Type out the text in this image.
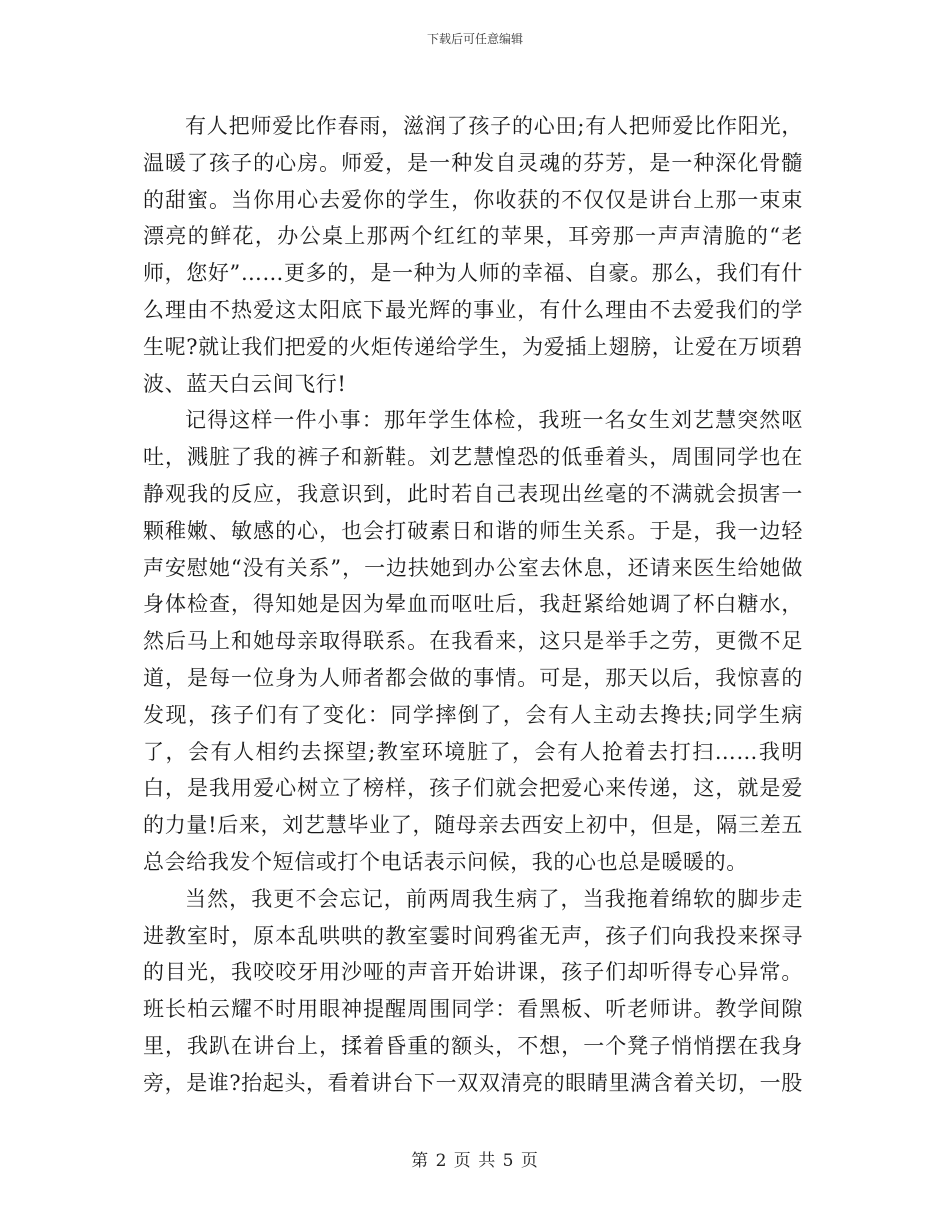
下载后可任意编辑

有人把师爱比作春雨，滋润了孩子的心田;有人把师爱比作阳光，温暖了孩子的心房。师爱，是一种发自灵魂的芬芳，是一种深化骨髓的甜蜜。当你用心去爱你的学生，你收获的不仅仅是讲台上那一束束漂亮的鲜花，办公桌上那两个红红的苹果，耳旁那一声声清脆的“老师，您好”……更多的，是一种为人师的幸福、自豪。那么，我们有什么理由不热爱这太阳底下最光辉的事业，有什么理由不去爱我们的学生呢?就让我们把爱的火炬传递给学生，为爱插上翅膀，让爱在万顷碧波、蓝天白云间飞行!

记得这样一件小事：那年学生体检，我班一名女生刘艺慧突然呕吐，溅脏了我的裤子和新鞋。刘艺慧惶恐的低垂着头，周围同学也在静观我的反应，我意识到，此时若自己表现出丝毫的不满就会损害一颗稚嫩、敏感的心，也会打破素日和谐的师生关系。于是，我一边轻声安慰她“没有关系”，一边扶她到办公室去休息，还请来医生给她做身体检查，得知她是因为晕血而呕吐后，我赶紧给她调了杯白糖水，然后马上和她母亲取得联系。在我看来，这只是举手之劳，更微不足道，是每一位身为人师者都会做的事情。可是，那天以后，我惊喜的发现，孩子们有了变化：同学摔倒了，会有人主动去搀扶;同学生病了，会有人相约去探望;教室环境脏了，会有人抢着去打扫……我明白，是我用爱心树立了榜样，孩子们就会把爱心来传递，这，就是爱的力量!后来，刘艺慧毕业了，随母亲去西安上初中，但是，隔三差五总会给我发个短信或打个电话表示问候，我的心也总是暖暖的。

当然，我更不会忘记，前两周我生病了，当我拖着绵软的脚步走进教室时，原本乱哄哄的教室霎时间鸦雀无声，孩子们向我投来探寻的目光，我咬咬牙用沙哑的声音开始讲课，孩子们却听得专心异常。班长柏云耀不时用眼神提醒周围同学：看黑板、听老师讲。教学间隙里，我趴在讲台上，揉着昏重的额头，不想，一个凳子悄悄摆在我身旁，是谁?抬起头，看着讲台下一双双清亮的眼睛里满含着关切，一股

第 2 页 共 5 页
